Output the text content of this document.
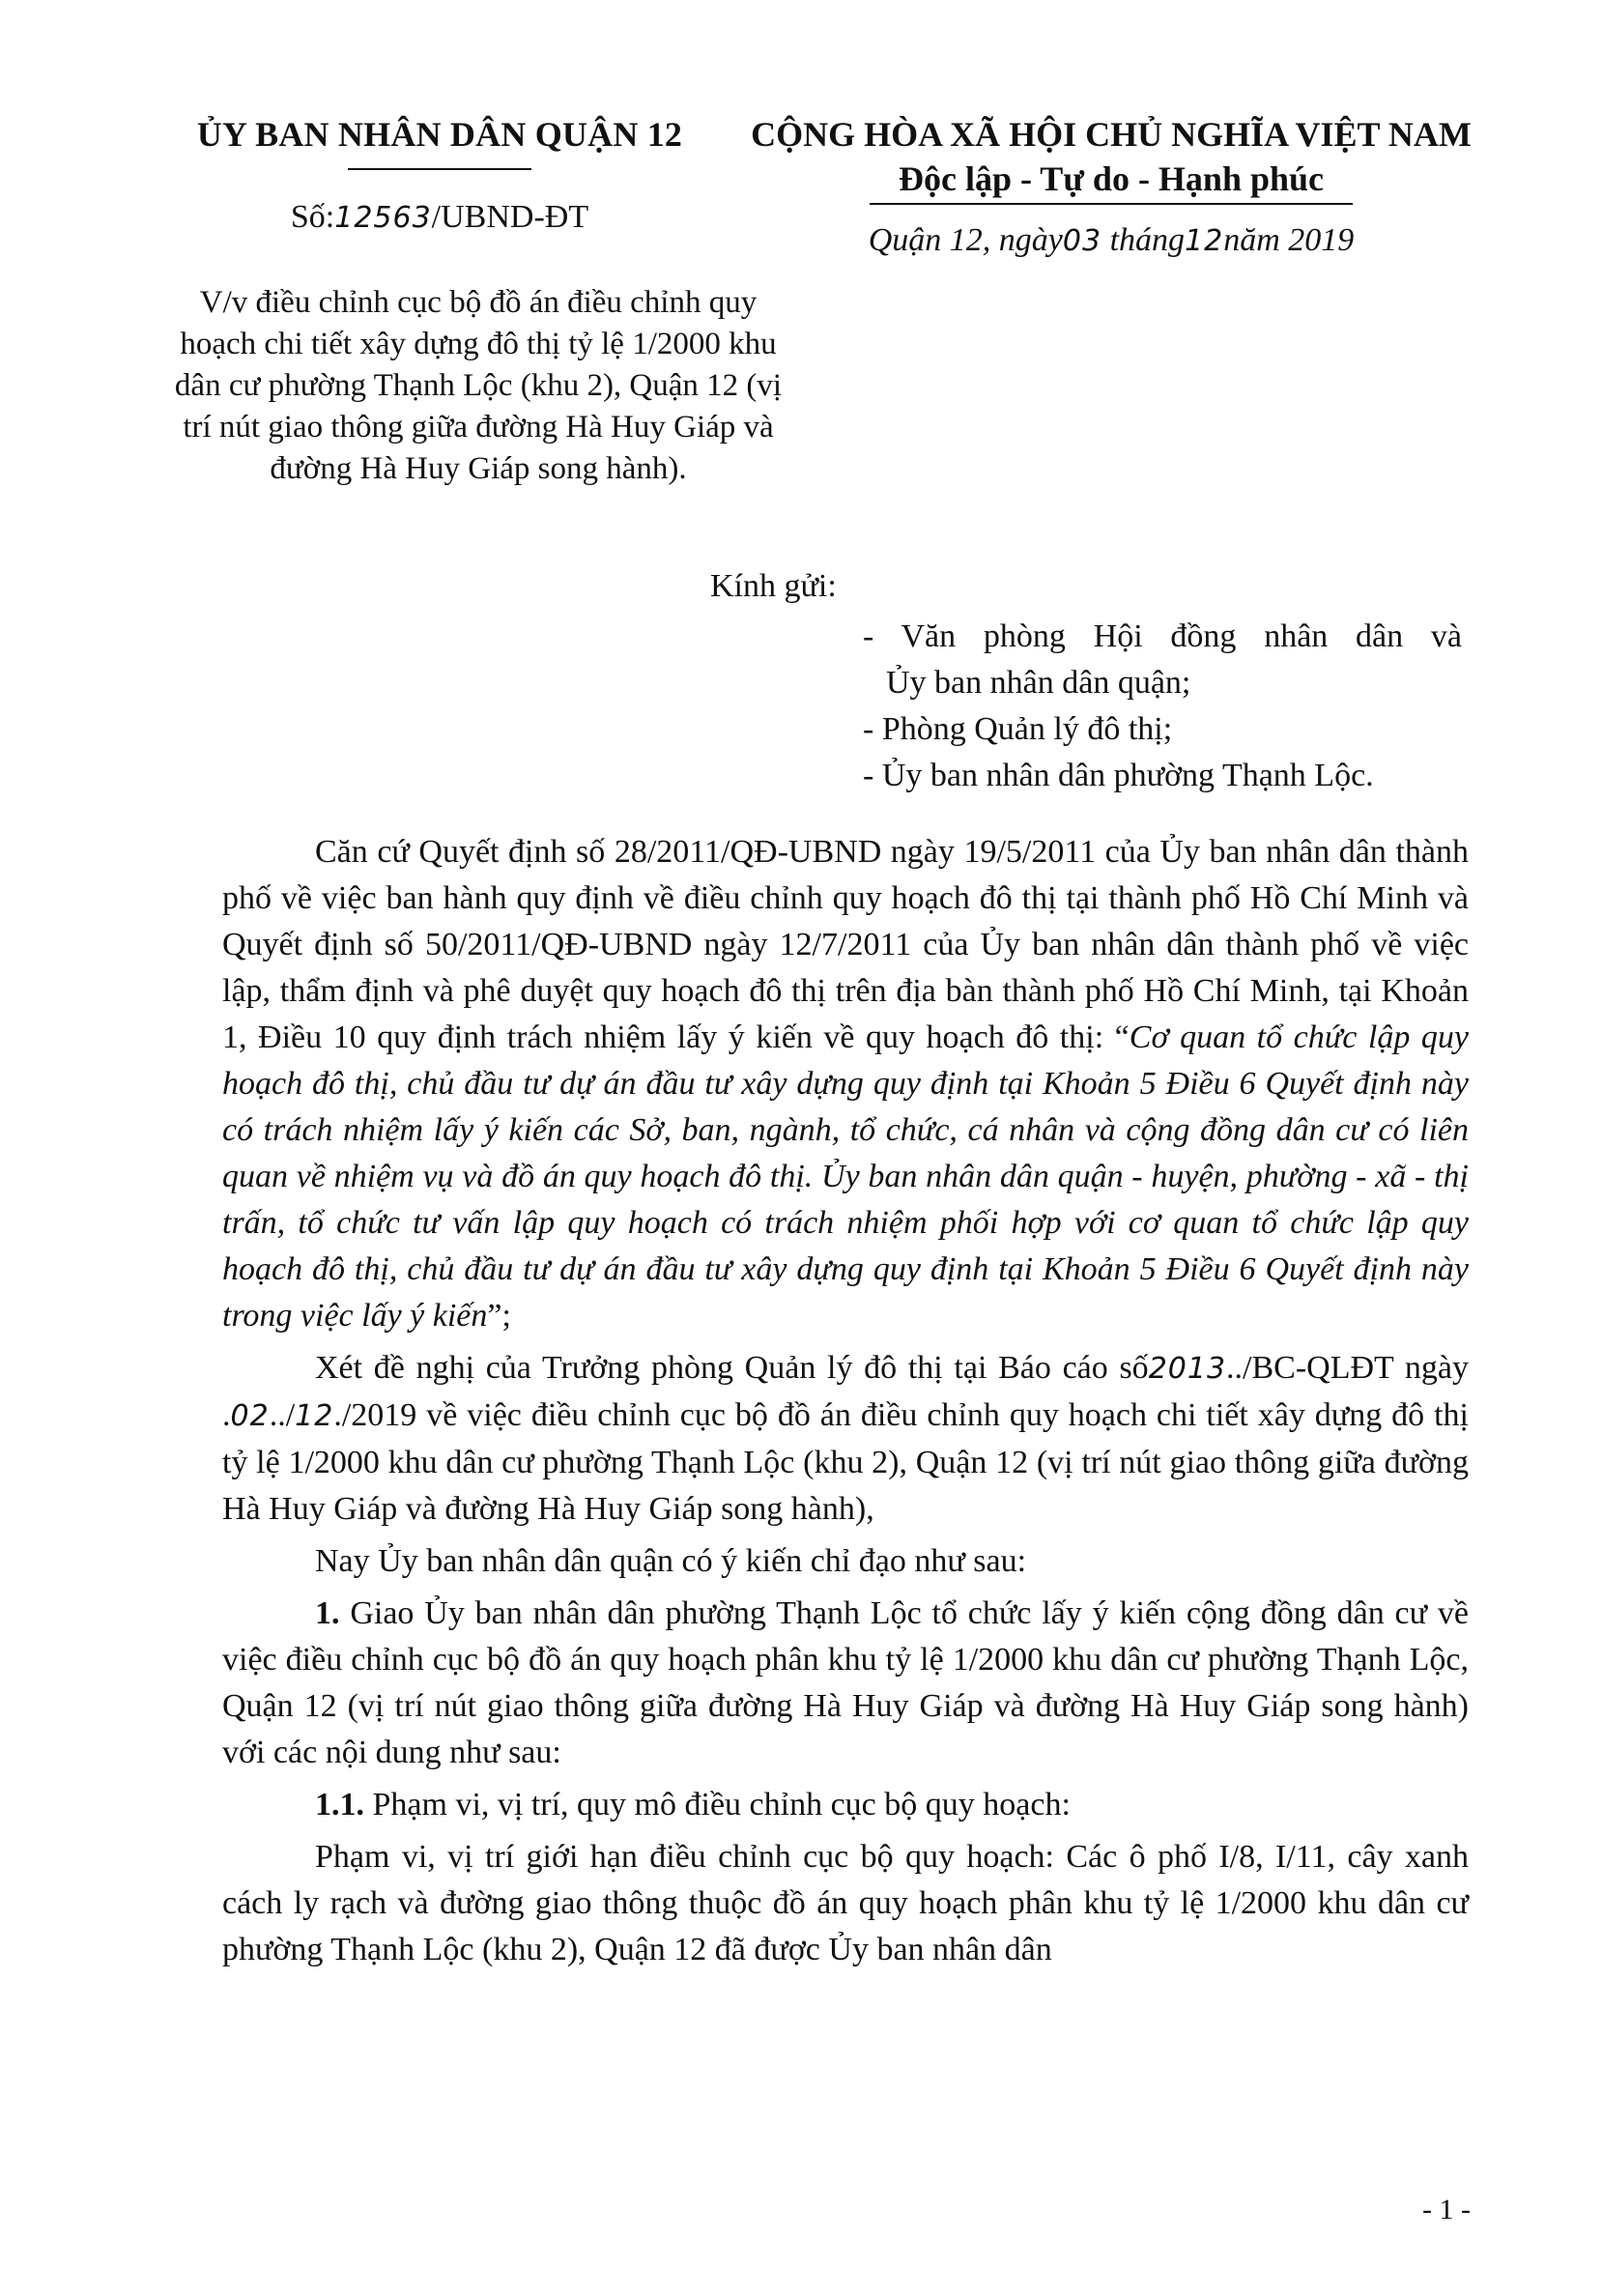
ỦY BAN NHÂN DÂN QUẬN 12
Số:12563/UBND-ĐT
V/v điều chỉnh cục bộ đồ án điều chỉnh quy hoạch chi tiết xây dựng đô thị tỷ lệ 1/2000 khu dân cư phường Thạnh Lộc (khu 2), Quận 12 (vị trí nút giao thông giữa đường Hà Huy Giáp và đường Hà Huy Giáp song hành).
CỘNG HÒA XÃ HỘI CHỦ NGHĨA VIỆT NAM
Độc lập - Tự do - Hạnh phúc
Quận 12, ngày03 tháng12năm 2019
Kính gửi:
- Văn phòng Hội đồng nhân dân và
Ủy ban nhân dân quận;
- Phòng Quản lý đô thị;
- Ủy ban nhân dân phường Thạnh Lộc.

Căn cứ Quyết định số 28/2011/QĐ-UBND ngày 19/5/2011 của Ủy ban nhân dân thành phố về việc ban hành quy định về điều chỉnh quy hoạch đô thị tại thành phố Hồ Chí Minh và Quyết định số 50/2011/QĐ-UBND ngày 12/7/2011 của Ủy ban nhân dân thành phố về việc lập, thẩm định và phê duyệt quy hoạch đô thị trên địa bàn thành phố Hồ Chí Minh, tại Khoản 1, Điều 10 quy định trách nhiệm lấy ý kiến về quy hoạch đô thị: “Cơ quan tổ chức lập quy hoạch đô thị, chủ đầu tư dự án đầu tư xây dựng quy định tại Khoản 5 Điều 6 Quyết định này có trách nhiệm lấy ý kiến các Sở, ban, ngành, tổ chức, cá nhân và cộng đồng dân cư có liên quan về nhiệm vụ và đồ án quy hoạch đô thị. Ủy ban nhân dân quận - huyện, phường - xã - thị trấn, tổ chức tư vấn lập quy hoạch có trách nhiệm phối hợp với cơ quan tổ chức lập quy hoạch đô thị, chủ đầu tư dự án đầu tư xây dựng quy định tại Khoản 5 Điều 6 Quyết định này trong việc lấy ý kiến”;

Xét đề nghị của Trưởng phòng Quản lý đô thị tại Báo cáo số2013../BC-QLĐT ngày .02../12./2019 về việc điều chỉnh cục bộ đồ án điều chỉnh quy hoạch chi tiết xây dựng đô thị tỷ lệ 1/2000 khu dân cư phường Thạnh Lộc (khu 2), Quận 12 (vị trí nút giao thông giữa đường Hà Huy Giáp và đường Hà Huy Giáp song hành),

Nay Ủy ban nhân dân quận có ý kiến chỉ đạo như sau:

1. Giao Ủy ban nhân dân phường Thạnh Lộc tổ chức lấy ý kiến cộng đồng dân cư về việc điều chỉnh cục bộ đồ án quy hoạch phân khu tỷ lệ 1/2000 khu dân cư phường Thạnh Lộc, Quận 12 (vị trí nút giao thông giữa đường Hà Huy Giáp và đường Hà Huy Giáp song hành) với các nội dung như sau:

1.1. Phạm vi, vị trí, quy mô điều chỉnh cục bộ quy hoạch:

Phạm vi, vị trí giới hạn điều chỉnh cục bộ quy hoạch: Các ô phố I/8, I/11, cây xanh cách ly rạch và đường giao thông thuộc đồ án quy hoạch phân khu tỷ lệ 1/2000 khu dân cư phường Thạnh Lộc (khu 2), Quận 12 đã được Ủy ban nhân dân

- 1 -
